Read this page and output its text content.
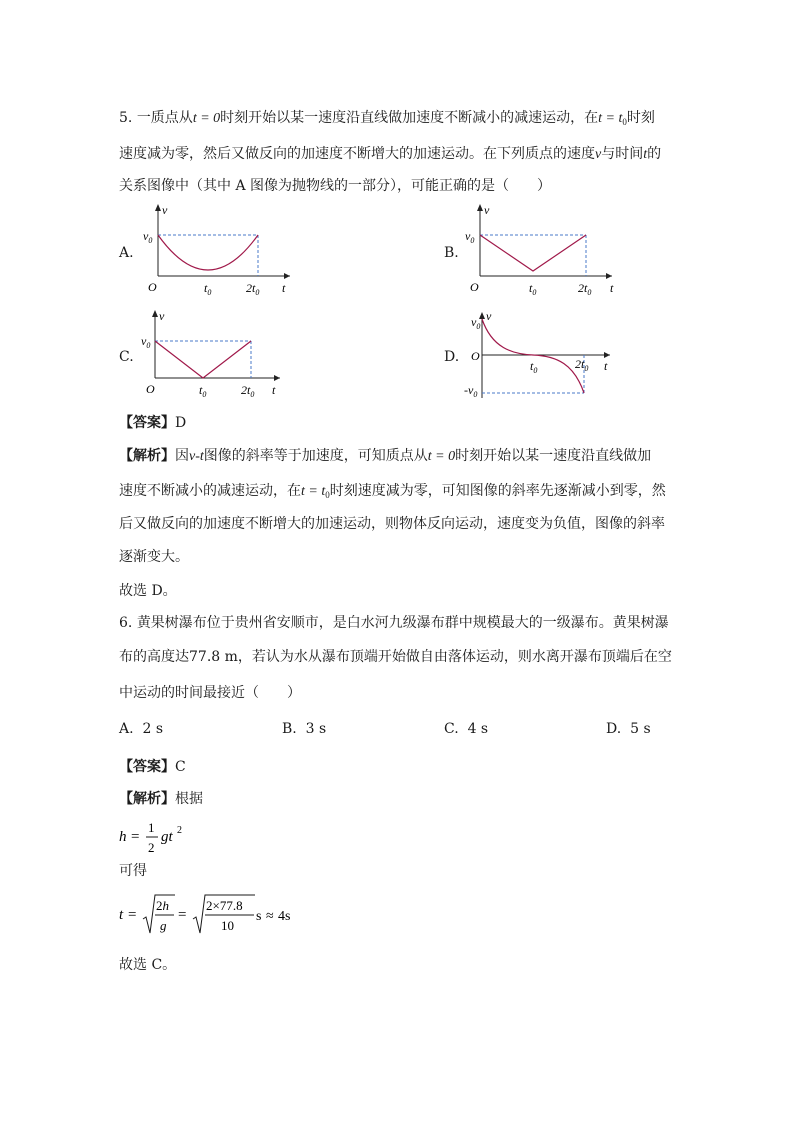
5. 一质点从t = 0时刻开始以某一速度沿直线做加速度不断减小的减速运动，在$t = t_0$时刻
速度减为零，然后又做反向的加速度不断增大的加速运动。在下列质点的速度v与时间t的
关系图像中（其中 A 图像为抛物线的一部分），可能正确的是（　　）
A.	B.
C.	D.
v
$v_0$
O	$t_0$	$2t_0$ t
v
$v_0$
O	$t_0$	$2t_0$ t
v
$v_0$
O	$t_0$	$2t_0$ t
v
$v_0$
O
$t_0$	$2t_0$ t
$-v_0$
【答案】D
【解析】因v-t图像的斜率等于加速度，可知质点从t = 0时刻开始以某一速度沿直线做加
速度不断减小的减速运动，在$t = t_0$时刻速度减为零，可知图像的斜率先逐渐减小到零，然
后又做反向的加速度不断增大的加速运动，则物体反向运动，速度变为负值，图像的斜率
逐渐变大。
故选 D。
6. 黄果树瀑布位于贵州省安顺市，是白水河九级瀑布群中规模最大的一级瀑布。黄果树瀑
布的高度达77.8 m，若认为水从瀑布顶端开始做自由落体运动，则水离开瀑布顶端后在空
中运动的时间最接近（　　）
A. 2 s	B. 3 s	C. 4 s	D. 5 s
【答案】C
【解析】根据
h =
1
2
gt 2
可得
t =
2h
g
=
2×77.8
10
s ≈ 4s
故选 C。
